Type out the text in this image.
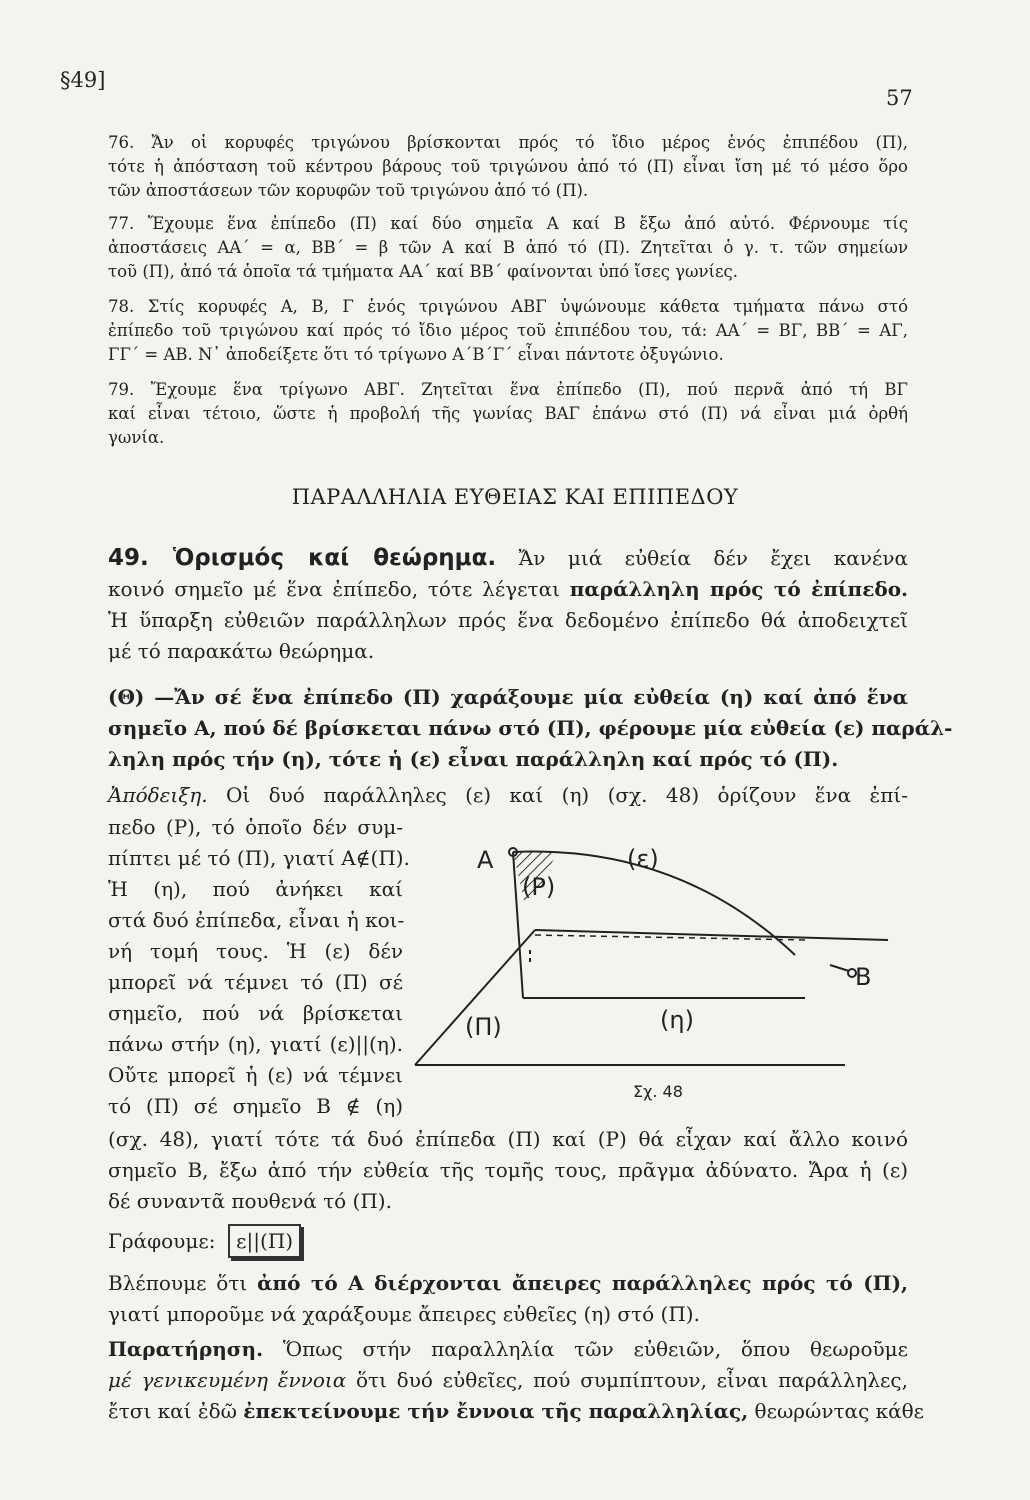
§49]
57
76. Ἄν οἱ κορυφές τριγώνου βρίσκονται πρός τό ἴδιο μέρος ἑνός ἐπιπέδου (Π),
τότε ἡ ἀπόσταση τοῦ κέντρου βάρους τοῦ τριγώνου ἀπό τό (Π) εἶναι ἴση μέ τό μέσο ὅρο
τῶν ἀποστάσεων τῶν κορυφῶν τοῦ τριγώνου ἀπό τό (Π).
77. Ἔχουμε ἕνα ἐπίπεδο (Π) καί δύο σημεῖα Α καί Β ἔξω ἀπό αὐτό. Φέρνουμε τίς
ἀποστάσεις ΑΑ΄ = α, ΒΒ΄ = β τῶν Α καί Β ἀπό τό (Π). Ζητεῖται ὁ γ. τ. τῶν σημείων
τοῦ (Π), ἀπό τά ὁποῖα τά τμήματα ΑΑ΄ καί ΒΒ΄ φαίνονται ὑπό ἴσες γωνίες.
78. Στίς κορυφές Α, Β, Γ ἑνός τριγώνου ΑΒΓ ὑψώνουμε κάθετα τμήματα πάνω στό
ἐπίπεδο τοῦ τριγώνου καί πρός τό ἴδιο μέρος τοῦ ἐπιπέδου του, τά: ΑΑ΄ = ΒΓ, ΒΒ΄ = ΑΓ,
ΓΓ΄ = ΑΒ. Ν᾽ ἀποδείξετε ὅτι τό τρίγωνο Α΄Β΄Γ΄ εἶναι πάντοτε ὀξυγώνιο.
79. Ἔχουμε ἕνα τρίγωνο ΑΒΓ. Ζητεῖται ἕνα ἐπίπεδο (Π), πού περνᾶ ἀπό τή ΒΓ
καί εἶναι τέτοιο, ὥστε ἡ προβολή τῆς γωνίας ΒΑΓ ἐπάνω στό (Π) νά εἶναι μιά ὀρθή
γωνία.
ΠΑΡΑΛΛΗΛΙΑ ΕΥΘΕΙΑΣ ΚΑΙ ΕΠΙΠΕΔΟΥ
49. Ὁρισμός καί θεώρημα. Ἄν μιά εὐθεία δέν ἔχει κανένα
κοινό σημεῖο μέ ἕνα ἐπίπεδο, τότε λέγεται παράλληλη πρός τό ἐπίπεδο.
Ἡ ὕπαρξη εὐθειῶν παράλληλων πρός ἕνα δεδομένο ἐπίπεδο θά ἀποδειχτεῖ
μέ τό παρακάτω θεώρημα.
(Θ) —Ἄν σέ ἕνα ἐπίπεδο (Π) χαράξουμε μία εὐθεία (η) καί ἀπό ἕνα
σημεῖο Α, πού δέ βρίσκεται πάνω στό (Π), φέρουμε μία εὐθεία (ε) παράλ-
ληλη πρός τήν (η), τότε ἡ (ε) εἶναι παράλληλη καί πρός τό (Π).
Ἀπόδειξη. Οἱ δυό παράλληλες (ε) καί (η) (σχ. 48) ὁρίζουν ἕνα ἐπί-
πεδο (Ρ), τό ὁποῖο δέν συμ-
πίπτει μέ τό (Π), γιατί Α∉(Π).
Ἡ (η), πού ἀνήκει καί
στά δυό ἐπίπεδα, εἶναι ἡ κοι-
νή τομή τους. Ἡ (ε) δέν
μπορεῖ νά τέμνει τό (Π) σέ
σημεῖο, πού νά βρίσκεται
πάνω στήν (η), γιατί (ε)||(η).
Οὔτε μπορεῖ ἡ (ε) νά τέμνει
τό (Π) σέ σημεῖο Β ∉ (η)
Α
Β
(ε)
(Ρ)
(Π)	(η)
Σχ. 48
(σχ. 48), γιατί τότε τά δυό ἐπίπεδα (Π) καί (Ρ) θά εἶχαν καί ἄλλο κοινό
σημεῖο Β, ἔξω ἀπό τήν εὐθεία τῆς τομῆς τους, πρᾶγμα ἀδύνατο. Ἄρα ἡ (ε)
δέ συναντᾶ πουθενά τό (Π).
Γράφουμε: ε||(Π)
Βλέπουμε ὅτι ἀπό τό Α διέρχονται ἄπειρες παράλληλες πρός τό (Π),
γιατί μποροῦμε νά χαράξουμε ἄπειρες εὐθεῖες (η) στό (Π).
Παρατήρηση. Ὅπως στήν παραλληλία τῶν εὐθειῶν, ὅπου θεωροῦμε
μέ γενικευμένη ἔννοια ὅτι δυό εὐθεῖες, πού συμπίπτουν, εἶναι παράλληλες,
ἔτσι καί ἐδῶ ἐπεκτείνουμε τήν ἔννοια τῆς παραλληλίας, θεωρώντας κάθε
